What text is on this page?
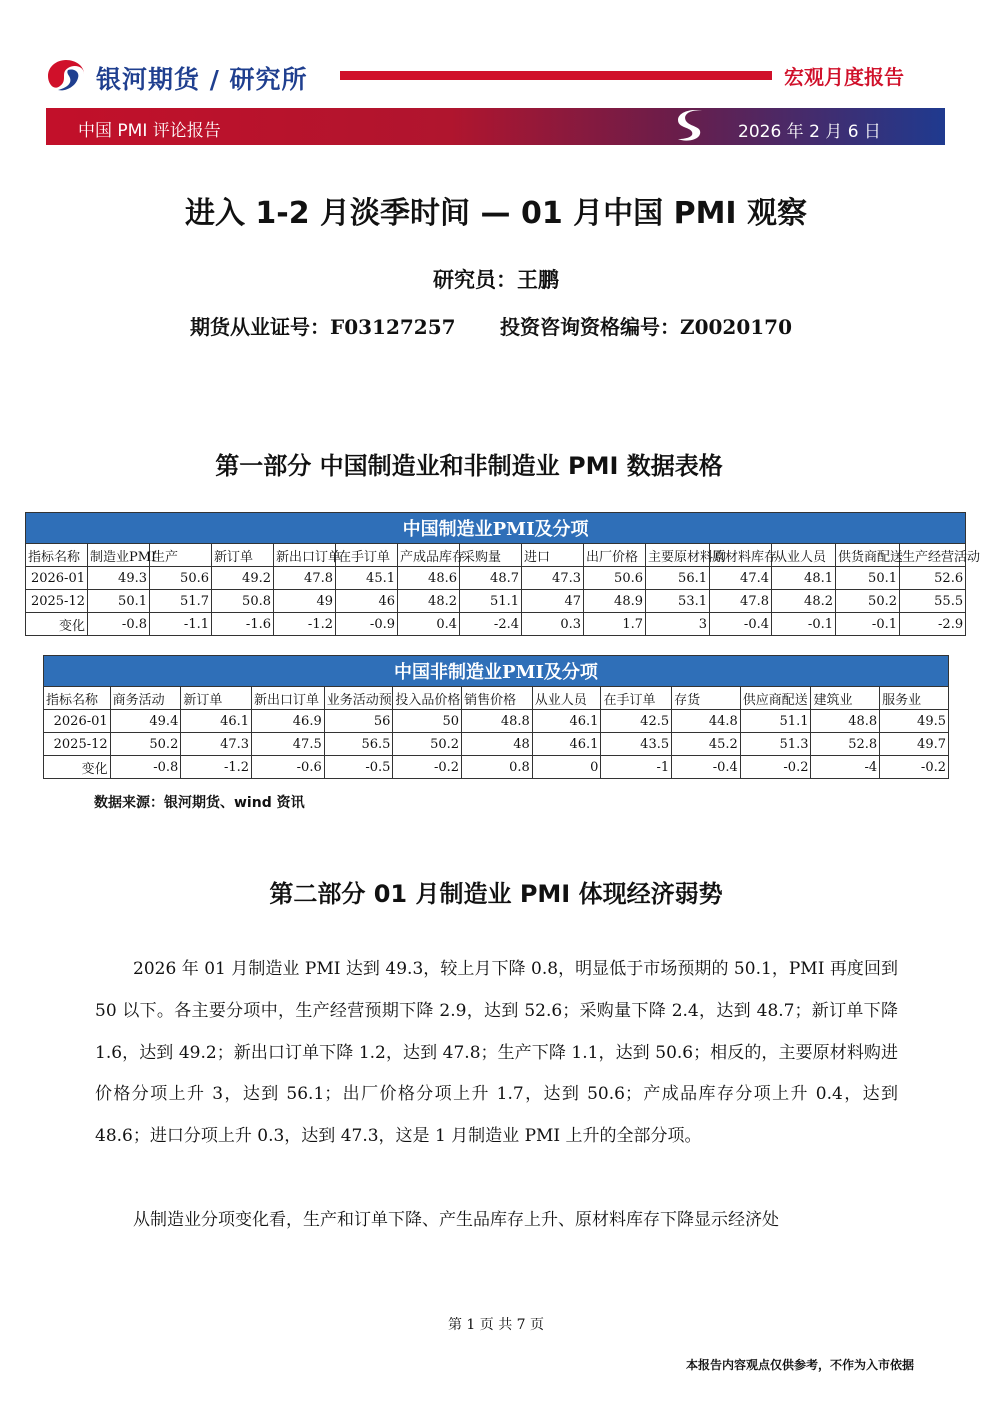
银河期货 / 研究所	宏观月度报告
中国 PMI 评论报告	2026 年 2 月 6 日
进入 1-2 月淡季时间 — 01 月中国 PMI 观察
研究员：王鹏
期货从业证号：F03127257 投资咨询资格编号：Z0020170
第一部分 中国制造业和非制造业 PMI 数据表格
中国制造业PMI及分项														
指标名称	制造业PMI	生产	新订单	新出口订单	在手订单	产成品库存	采购量	进口	出厂价格	主要原材料购	原材料库存	从业人员	供货商配送	生产经营活动
2026-01	49.3	50.6	49.2	47.8	45.1	48.6	48.7	47.3	50.6	56.1	47.4	48.1	50.1	52.6
2025-12	50.1	51.7	50.8	49	46	48.2	51.1	47	48.9	53.1	47.8	48.2	50.2	55.5
变化	-0.8	-1.1	-1.6	-1.2	-0.9	0.4	-2.4	0.3	1.7	3	-0.4	-0.1	-0.1	-2.9
中国非制造业PMI及分项												
指标名称	商务活动	新订单	新出口订单	业务活动预	投入品价格	销售价格	从业人员	在手订单	存货	供应商配送	建筑业	服务业
2026-01	49.4	46.1	46.9	56	50	48.8	46.1	42.5	44.8	51.1	48.8	49.5
2025-12	50.2	47.3	47.5	56.5	50.2	48	46.1	43.5	45.2	51.3	52.8	49.7
变化	-0.8	-1.2	-0.6	-0.5	-0.2	0.8	0	-1	-0.4	-0.2	-4	-0.2
数据来源：银河期货、wind 资讯
第二部分 01 月制造业 PMI 体现经济弱势
2026 年 01 月制造业 PMI 达到 49.3，较上月下降 0.8，明显低于市场预期的 50.1，PMI 再度回到 50 以下。各主要分项中，生产经营预期下降 2.9，达到 52.6；采购量下降 2.4，达到 48.7；新订单下降 1.6，达到 49.2；新出口订单下降 1.2，达到 47.8；生产下降 1.1，达到 50.6；相反的，主要原材料购进价格分项上升 3，达到 56.1；出厂价格分项上升 1.7，达到 50.6；产成品库存分项上升 0.4，达到 48.6；进口分项上升 0.3，达到 47.3，这是 1 月制造业 PMI 上升的全部分项。
从制造业分项变化看，生产和订单下降、产生品库存上升、原材料库存下降显示经济处
第 1 页 共 7 页
本报告内容观点仅供参考，不作为入市依据
